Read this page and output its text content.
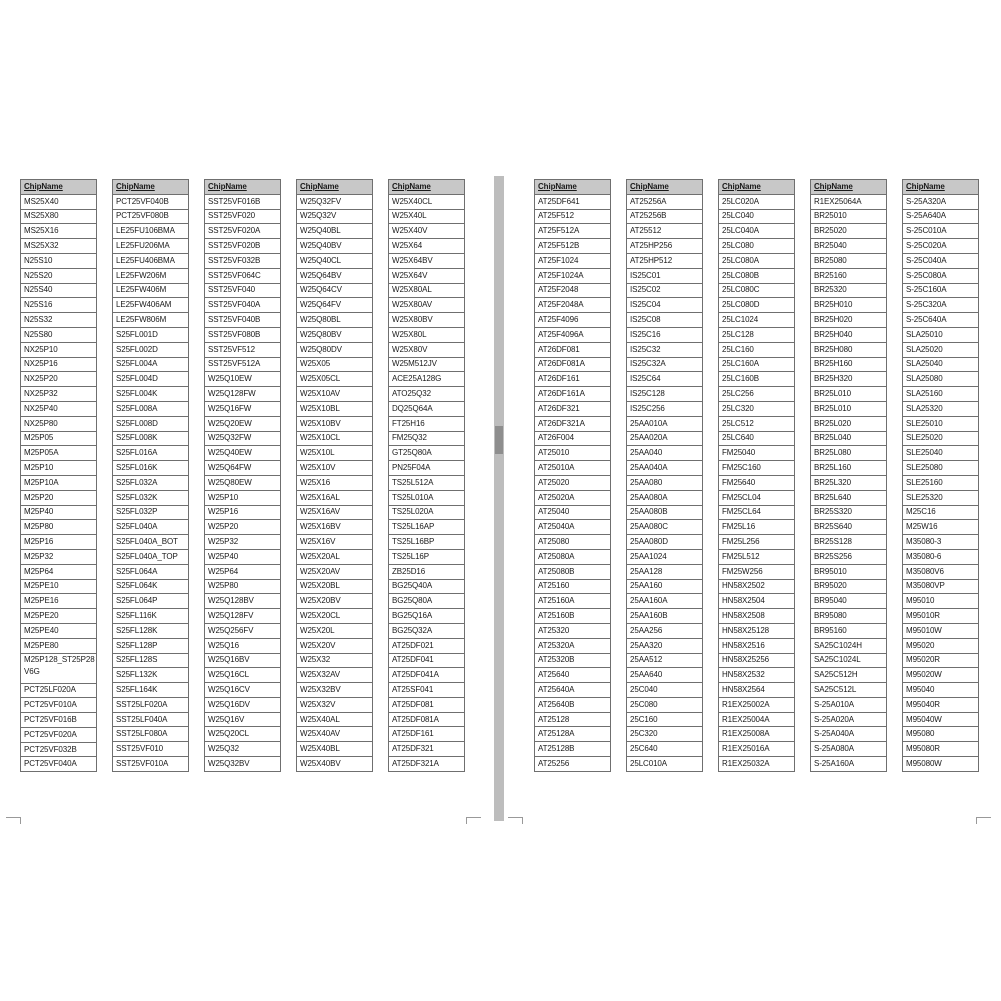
ChipName
MS25X40
MS25X80
MS25X16
MS25X32
N25S10
N25S20
N25S40
N25S16
N25S32
N25S80
NX25P10
NX25P16
NX25P20
NX25P32
NX25P40
NX25P80
M25P05
M25P05A
M25P10
M25P10A
M25P20
M25P40
M25P80
M25P16
M25P32
M25P64
M25PE10
M25PE16
M25PE20
M25PE40
M25PE80
M25P128_ST25P28 V6G
PCT25LF020A
PCT25VF010A
PCT25VF016B
PCT25VF020A
PCT25VF032B
PCT25VF040A
ChipName
PCT25VF040B
PCT25VF080B
LE25FU106BMA
LE25FU206MA
LE25FU406BMA
LE25FW206M
LE25FW406M
LE25FW406AM
LE25FW806M
S25FL001D
S25FL002D
S25FL004A
S25FL004D
S25FL004K
S25FL008A
S25FL008D
S25FL008K
S25FL016A
S25FL016K
S25FL032A
S25FL032K
S25FL032P
S25FL040A
S25FL040A_BOT
S25FL040A_TOP
S25FL064A
S25FL064K
S25FL064P
S25FL116K
S25FL128K
S25FL128P
S25FL128S
S25FL132K
S25FL164K
SST25LF020A
SST25LF040A
SST25LF080A
SST25VF010
SST25VF010A
ChipName
SST25VF016B
SST25VF020
SST25VF020A
SST25VF020B
SST25VF032B
SST25VF064C
SST25VF040
SST25VF040A
SST25VF040B
SST25VF080B
SST25VF512
SST25VF512A
W25Q10EW
W25Q128FW
W25Q16FW
W25Q20EW
W25Q32FW
W25Q40EW
W25Q64FW
W25Q80EW
W25P10
W25P16
W25P20
W25P32
W25P40
W25P64
W25P80
W25Q128BV
W25Q128FV
W25Q256FV
W25Q16
W25Q16BV
W25Q16CL
W25Q16CV
W25Q16DV
W25Q16V
W25Q20CL
W25Q32
W25Q32BV
ChipName
W25Q32FV
W25Q32V
W25Q40BL
W25Q40BV
W25Q40CL
W25Q64BV
W25Q64CV
W25Q64FV
W25Q80BL
W25Q80BV
W25Q80DV
W25X05
W25X05CL
W25X10AV
W25X10BL
W25X10BV
W25X10CL
W25X10L
W25X10V
W25X16
W25X16AL
W25X16AV
W25X16BV
W25X16V
W25X20AL
W25X20AV
W25X20BL
W25X20BV
W25X20CL
W25X20L
W25X20V
W25X32
W25X32AV
W25X32BV
W25X32V
W25X40AL
W25X40AV
W25X40BL
W25X40BV
ChipName
W25X40CL
W25X40L
W25X40V
W25X64
W25X64BV
W25X64V
W25X80AL
W25X80AV
W25X80BV
W25X80L
W25X80V
W25M512JV
ACE25A128G
ATO25Q32
DQ25Q64A
FT25H16
FM25Q32
GT25Q80A
PN25F04A
TS25L512A
TS25L010A
TS25L020A
TS25L16AP
TS25L16BP
TS25L16P
ZB25D16
BG25Q40A
BG25Q80A
BG25Q16A
BG25Q32A
AT25DF021
AT25DF041
AT25DF041A
AT25SF041
AT25DF081
AT25DF081A
AT25DF161
AT25DF321
AT25DF321A
ChipName
AT25DF641
AT25F512
AT25F512A
AT25F512B
AT25F1024
AT25F1024A
AT25F2048
AT25F2048A
AT25F4096
AT25F4096A
AT26DF081
AT26DF081A
AT26DF161
AT26DF161A
AT26DF321
AT26DF321A
AT26F004
AT25010
AT25010A
AT25020
AT25020A
AT25040
AT25040A
AT25080
AT25080A
AT25080B
AT25160
AT25160A
AT25160B
AT25320
AT25320A
AT25320B
AT25640
AT25640A
AT25640B
AT25128
AT25128A
AT25128B
AT25256
ChipName
AT25256A
AT25256B
AT25512
AT25HP256
AT25HP512
IS25C01
IS25C02
IS25C04
IS25C08
IS25C16
IS25C32
IS25C32A
IS25C64
IS25C128
IS25C256
25AA010A
25AA020A
25AA040
25AA040A
25AA080
25AA080A
25AA080B
25AA080C
25AA080D
25AA1024
25AA128
25AA160
25AA160A
25AA160B
25AA256
25AA320
25AA512
25AA640
25C040
25C080
25C160
25C320
25C640
25LC010A
ChipName
25LC020A
25LC040
25LC040A
25LC080
25LC080A
25LC080B
25LC080C
25LC080D
25LC1024
25LC128
25LC160
25LC160A
25LC160B
25LC256
25LC320
25LC512
25LC640
FM25040
FM25C160
FM25640
FM25CL04
FM25CL64
FM25L16
FM25L256
FM25L512
FM25W256
HN58X2502
HN58X2504
HN58X2508
HN58X25128
HN58X2516
HN58X25256
HN58X2532
HN58X2564
R1EX25002A
R1EX25004A
R1EX25008A
R1EX25016A
R1EX25032A
ChipName
R1EX25064A
BR25010
BR25020
BR25040
BR25080
BR25160
BR25320
BR25H010
BR25H020
BR25H040
BR25H080
BR25H160
BR25H320
BR25L010
BR25L010
BR25L020
BR25L040
BR25L080
BR25L160
BR25L320
BR25L640
BR25S320
BR25S640
BR25S128
BR25S256
BR95010
BR95020
BR95040
BR95080
BR95160
SA25C1024H
SA25C1024L
SA25C512H
SA25C512L
S-25A010A
S-25A020A
S-25A040A
S-25A080A
S-25A160A
ChipName
S-25A320A
S-25A640A
S-25C010A
S-25C020A
S-25C040A
S-25C080A
S-25C160A
S-25C320A
S-25C640A
SLA25010
SLA25020
SLA25040
SLA25080
SLA25160
SLA25320
SLE25010
SLE25020
SLE25040
SLE25080
SLE25160
SLE25320
M25C16
M25W16
M35080-3
M35080-6
M35080V6
M35080VP
M95010
M95010R
M95010W
M95020
M95020R
M95020W
M95040
M95040R
M95040W
M95080
M95080R
M95080W
